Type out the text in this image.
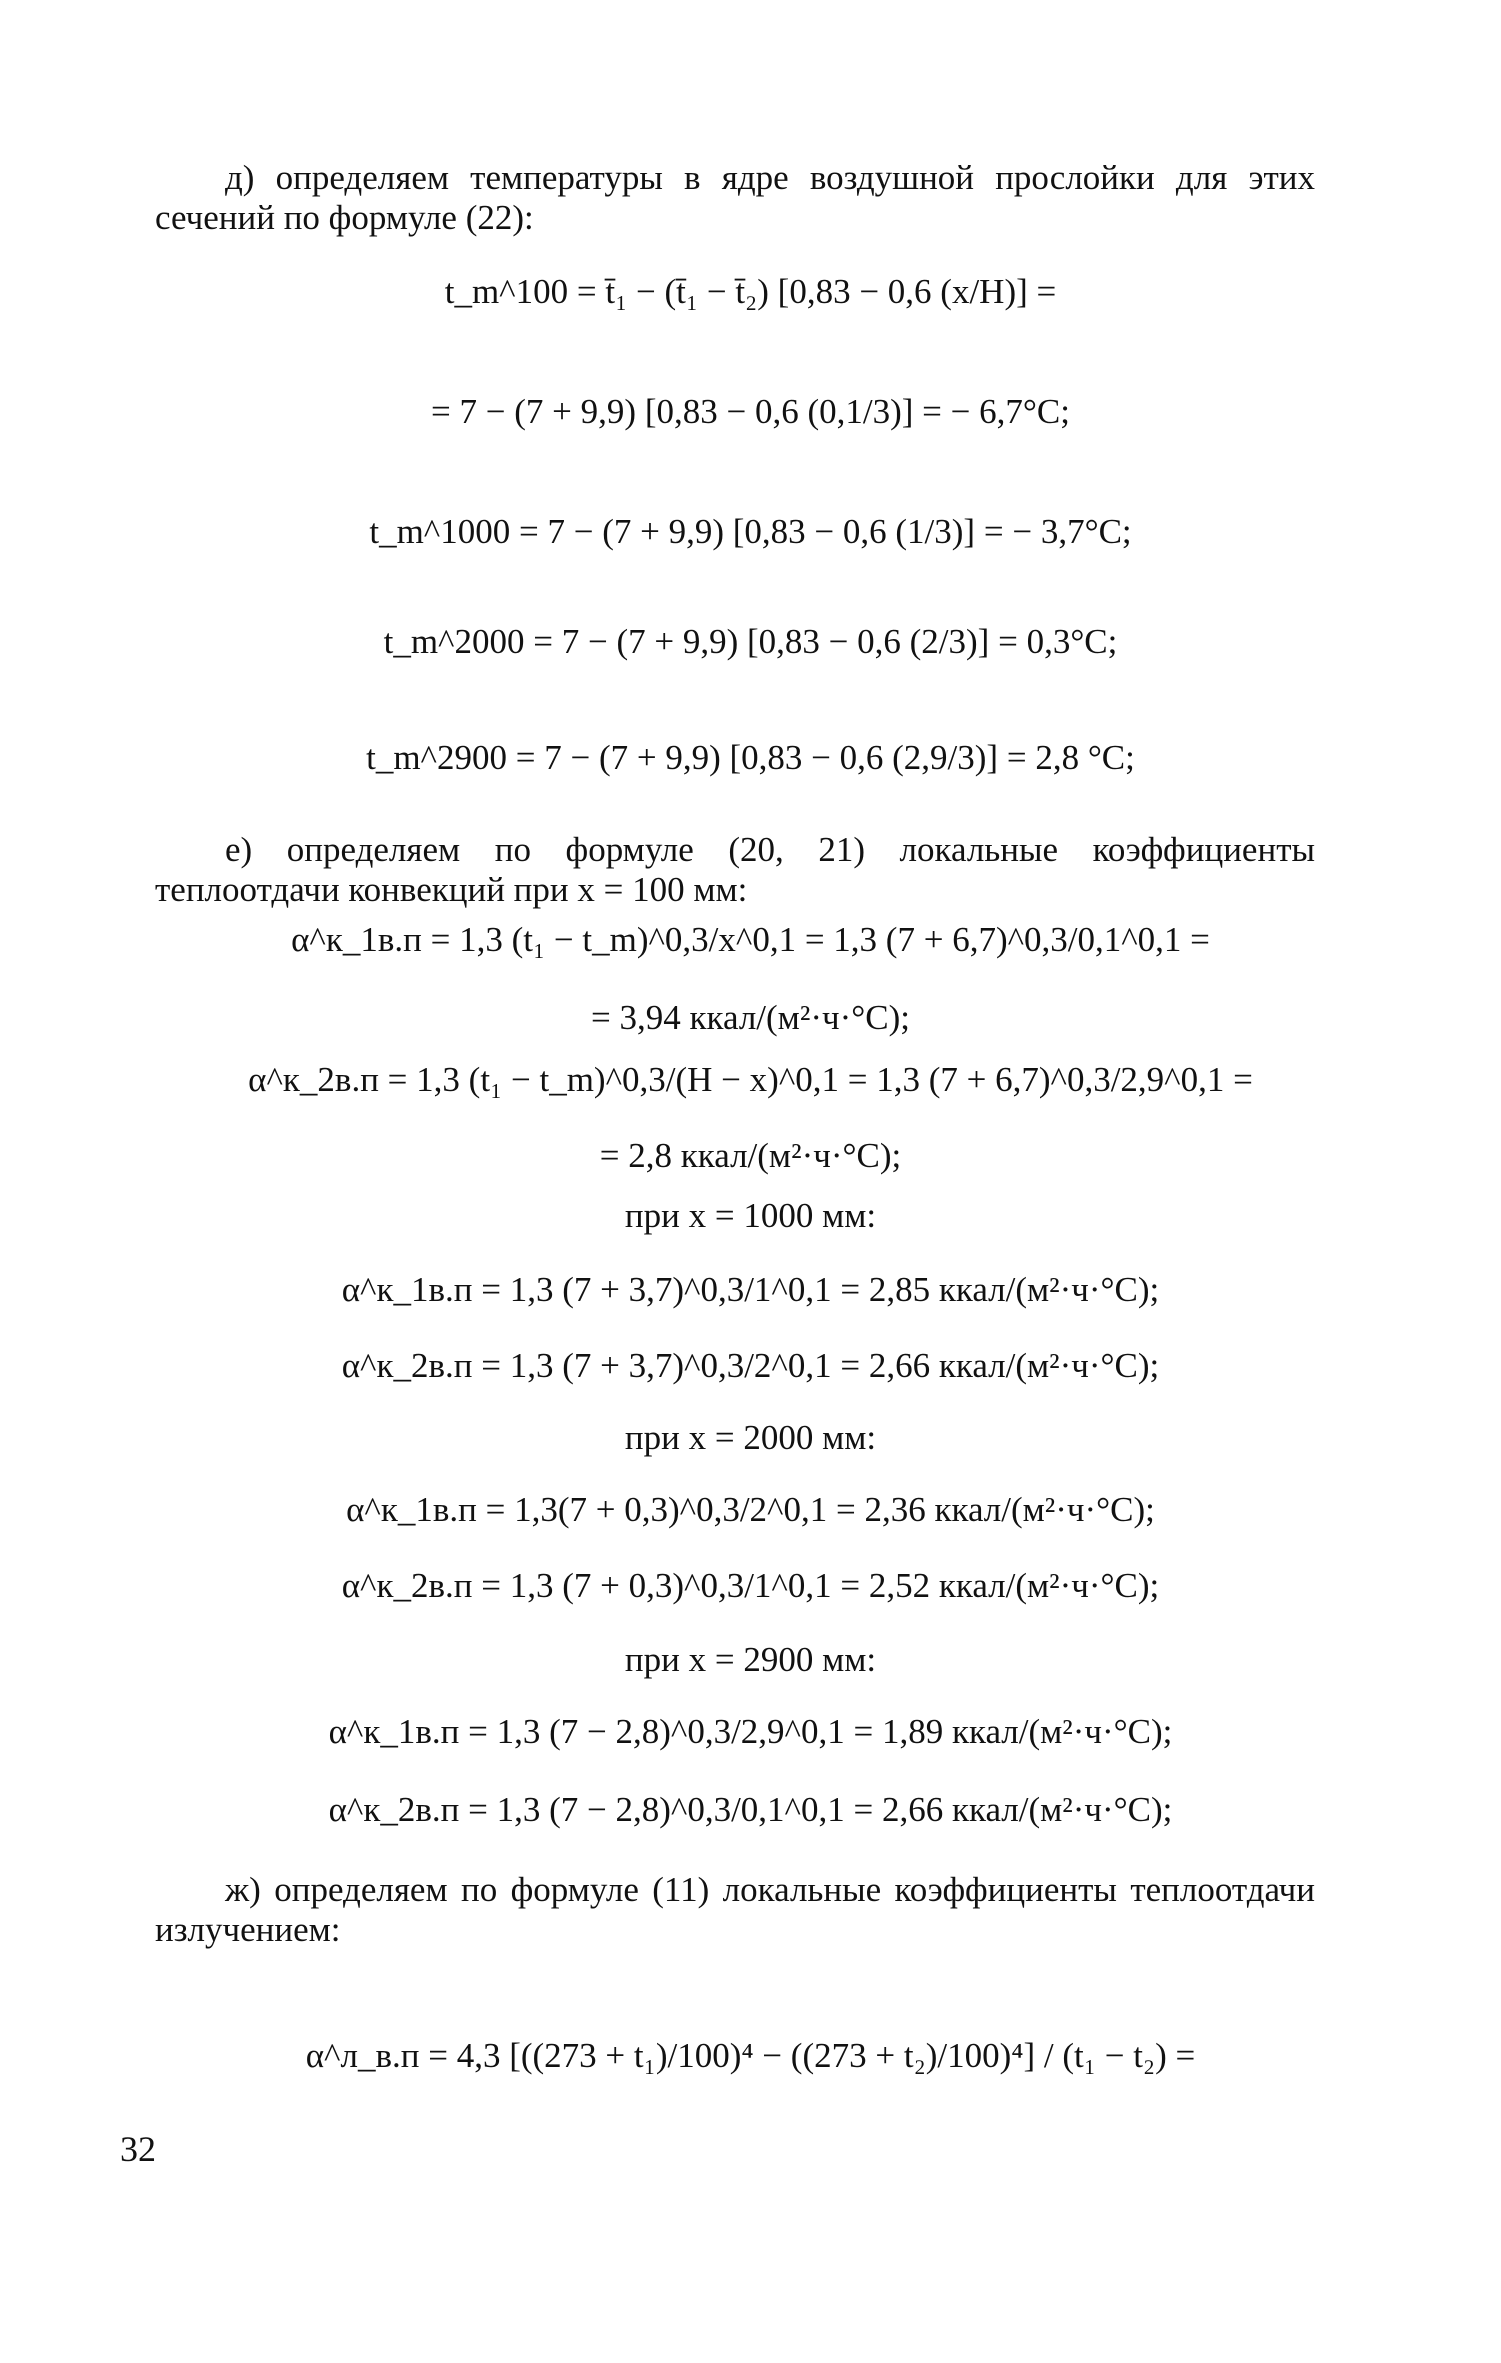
д) определяем температуры в ядре воздушной прослойки для этих сечений по формуле (22):
t_m^100 = t̄₁ − (t̄₁ − t̄₂) [0,83 − 0,6 (x/H)] =
= 7 − (7 + 9,9) [0,83 − 0,6 (0,1/3)] = − 6,7°C;
t_m^1000 = 7 − (7 + 9,9) [0,83 − 0,6 (1/3)] = − 3,7°C;
t_m^2000 = 7 − (7 + 9,9) [0,83 − 0,6 (2/3)] = 0,3°C;
t_m^2900 = 7 − (7 + 9,9) [0,83 − 0,6 (2,9/3)] = 2,8 °C;
е) определяем по формуле (20, 21) локальные коэффициенты теплоотдачи конвекций при x = 100 мм:
α^к_1в.п = 1,3 (t₁ − t_m)^0,3/x^0,1 = 1,3 (7 + 6,7)^0,3/0,1^0,1 =
= 3,94 ккал/(м²·ч·°C);
α^к_2в.п = 1,3 (t₁ − t_m)^0,3/(H − x)^0,1 = 1,3 (7 + 6,7)^0,3/2,9^0,1 =
= 2,8 ккал/(м²·ч·°C);
при x = 1000 мм:
α^к_1в.п = 1,3 (7 + 3,7)^0,3/1^0,1 = 2,85 ккал/(м²·ч·°C);
α^к_2в.п = 1,3 (7 + 3,7)^0,3/2^0,1 = 2,66 ккал/(м²·ч·°C);
при x = 2000 мм:
α^к_1в.п = 1,3(7 + 0,3)^0,3/2^0,1 = 2,36 ккал/(м²·ч·°C);
α^к_2в.п = 1,3 (7 + 0,3)^0,3/1^0,1 = 2,52 ккал/(м²·ч·°C);
при x = 2900 мм:
α^к_1в.п = 1,3 (7 − 2,8)^0,3/2,9^0,1 = 1,89 ккал/(м²·ч·°C);
α^к_2в.п = 1,3 (7 − 2,8)^0,3/0,1^0,1 = 2,66 ккал/(м²·ч·°C);
ж) определяем по формуле (11) локальные коэффициенты теплоотдачи излучением:
α^л_в.п = 4,3 [((273 + t₁)/100)⁴ − ((273 + t₂)/100)⁴] / (t₁ − t₂) =
32
